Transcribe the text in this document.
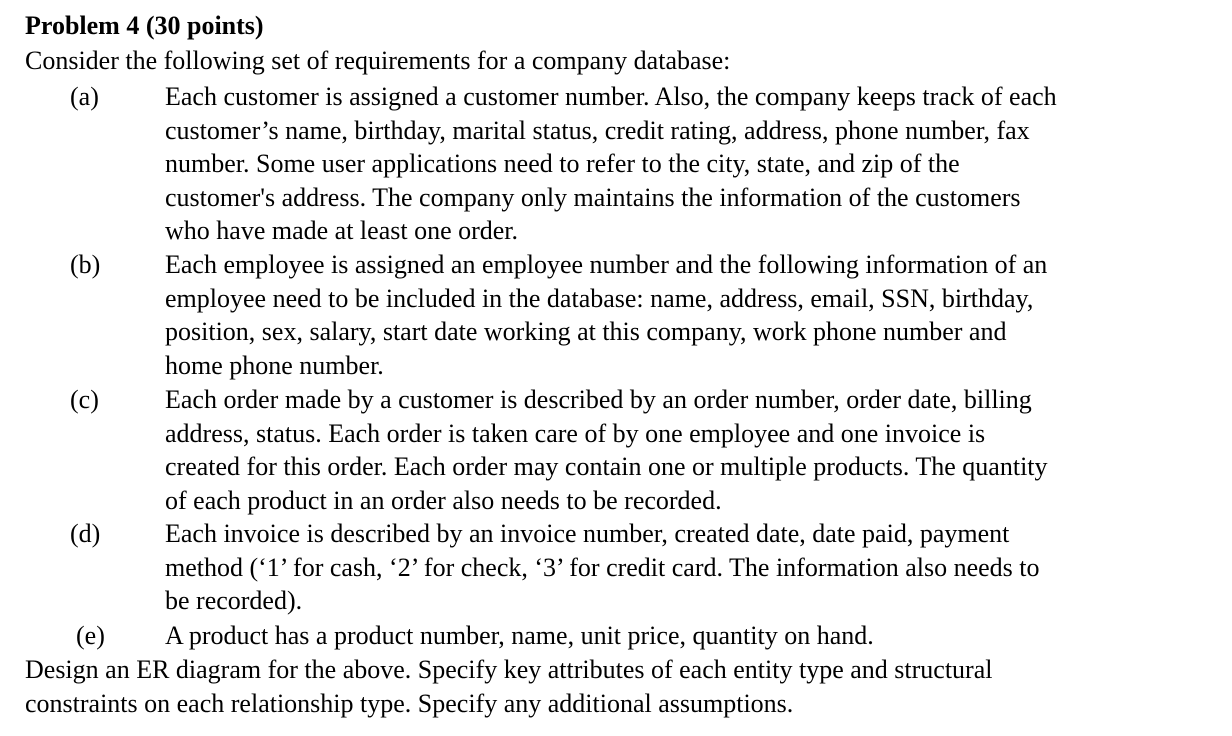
Problem 4 (30 points)
Consider the following set of requirements for a company database:
(a)	Each customer is assigned a customer number. Also, the company keeps track of each
customer’s name, birthday, marital status, credit rating, address, phone number, fax
number. Some user applications need to refer to the city, state, and zip of the
customer's address. The company only maintains the information of the customers
who have made at least one order.
(b) Each employee is assigned an employee number and the following information of an
employee need to be included in the database: name, address, email, SSN, birthday,
position, sex, salary, start date working at this company, work phone number and
home phone number.
(c)	Each order made by a customer is described by an order number, order date, billing
address, status. Each order is taken care of by one employee and one invoice is
created for this order. Each order may contain one or multiple products. The quantity
of each product in an order also needs to be recorded.
(d) Each invoice is described by an invoice number, created date, date paid, payment
method (‘1’ for cash, ‘2’ for check, ‘3’ for credit card. The information also needs to
be recorded).
(e) A product has a product number, name, unit price, quantity on hand.
Design an ER diagram for the above. Specify key attributes of each entity type and structural
constraints on each relationship type. Specify any additional assumptions.
